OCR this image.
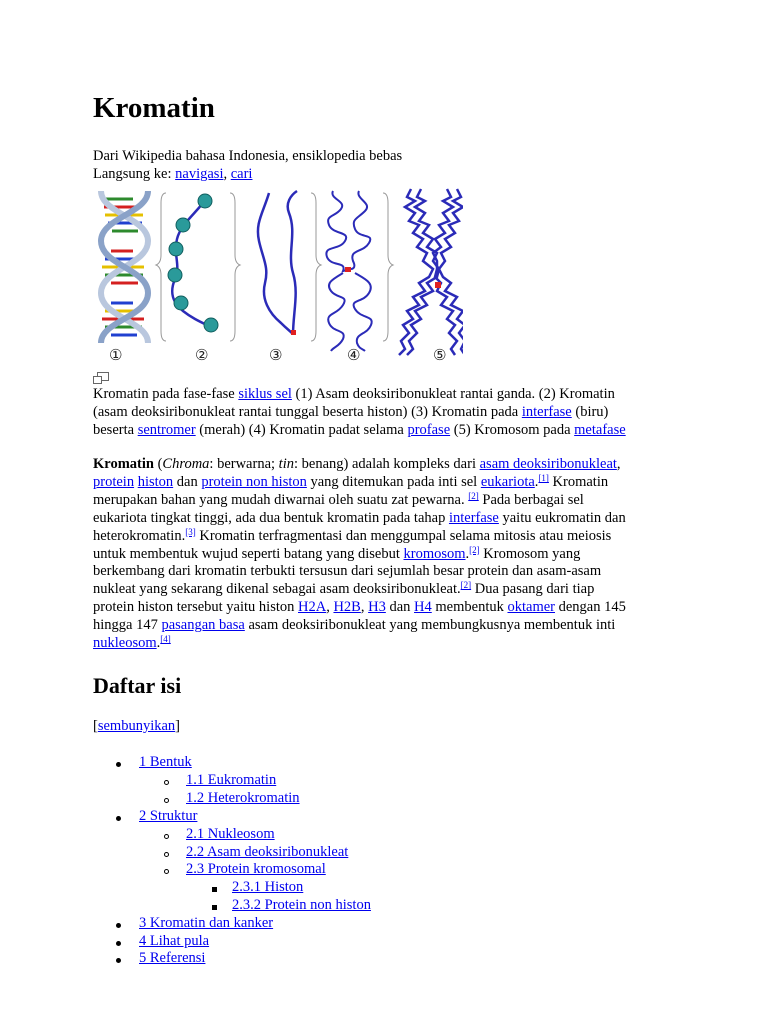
Kromatin

Dari Wikipedia bahasa Indonesia, ensiklopedia bebas

Langsung ke: navigasi, cari

①	②	③	④	⑤

Kromatin pada fase-fase siklus sel (1) Asam deoksiribonukleat rantai ganda. (2) Kromatin
(asam deoksiribonukleat rantai tunggal beserta histon) (3) Kromatin pada interfase (biru)
beserta sentromer (merah) (4) Kromatin padat selama profase (5) Kromosom pada metafase

Kromatin (Chroma: berwarna; tin: benang) adalah kompleks dari asam deoksiribonukleat,
protein histon dan protein non histon yang ditemukan pada inti sel eukariota.[1] Kromatin
merupakan bahan yang mudah diwarnai oleh suatu zat pewarna. [2] Pada berbagai sel
eukariota tingkat tinggi, ada dua bentuk kromatin pada tahap interfase yaitu eukromatin dan
heterokromatin.[3] Kromatin terfragmentasi dan menggumpal selama mitosis atau meiosis
untuk membentuk wujud seperti batang yang disebut kromosom.[2] Kromosom yang
berkembang dari kromatin terbukti tersusun dari sejumlah besar protein dan asam-asam
nukleat yang sekarang dikenal sebagai asam deoksiribonukleat.[2] Dua pasang dari tiap
protein histon tersebut yaitu histon H2A, H2B, H3 dan H4 membentuk oktamer dengan 145
hingga 147 pasangan basa asam deoksiribonukleat yang membungkusnya membentuk inti
nukleosom.[4]

Daftar isi
[sembunyikan]
1 Bentuk
1.1 Eukromatin
1.2 Heterokromatin
2 Struktur
2.1 Nukleosom
2.2 Asam deoksiribonukleat
2.3 Protein kromosomal
2.3.1 Histon
2.3.2 Protein non histon
3 Kromatin dan kanker
4 Lihat pula
5 Referensi
